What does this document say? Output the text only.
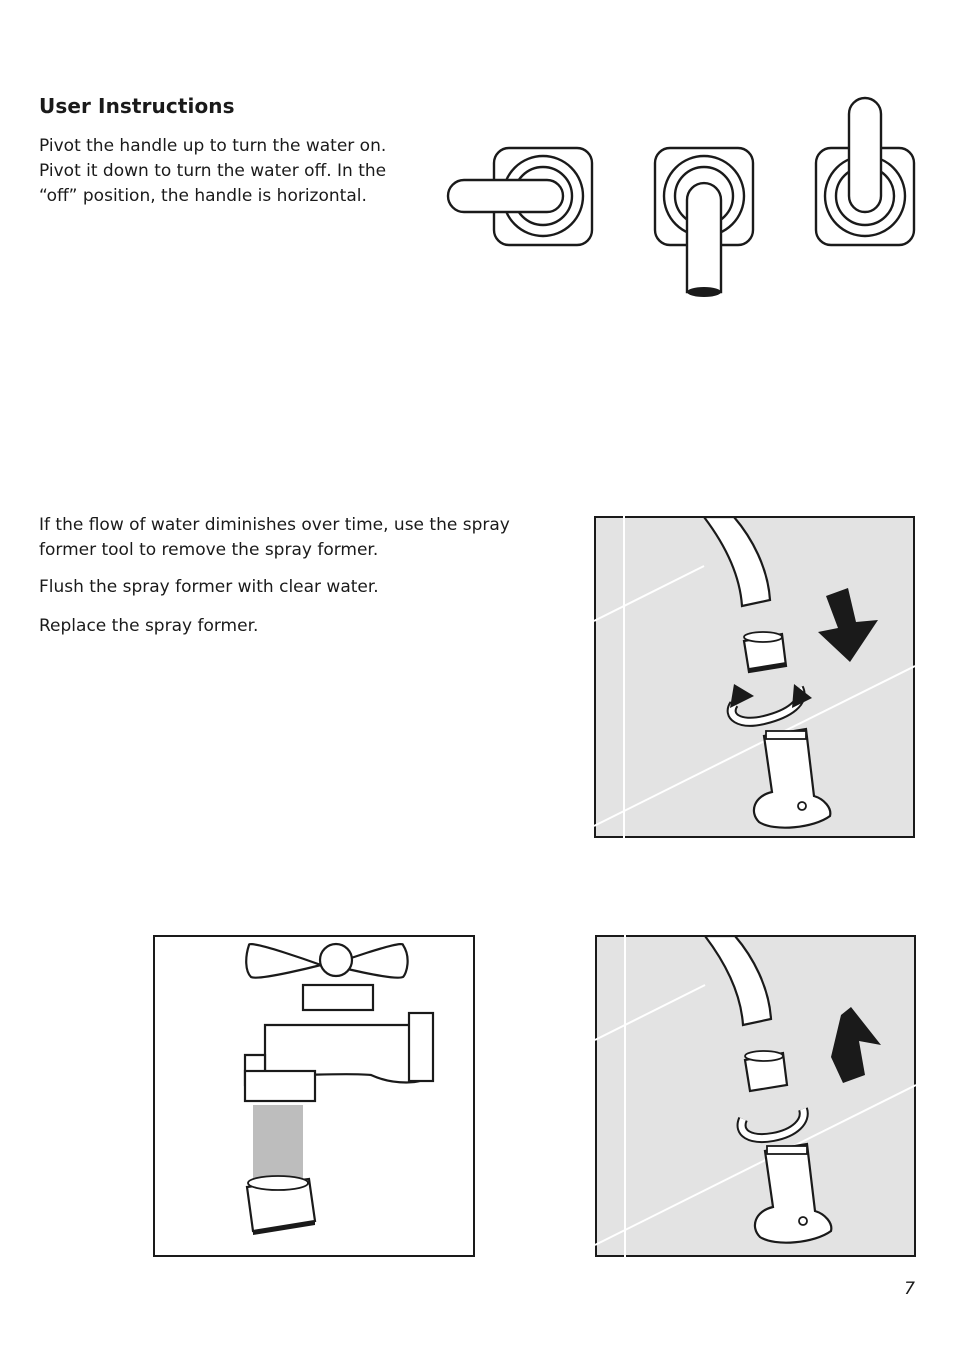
User Instructions

Pivot the handle up to turn the water on. Pivot it down to turn the water off. In the “off” position, the handle is horizontal.

If the flow of water diminishes over time, use the spray former tool to remove the spray former.

Flush the spray former with clear water.

Replace the spray former.

7
